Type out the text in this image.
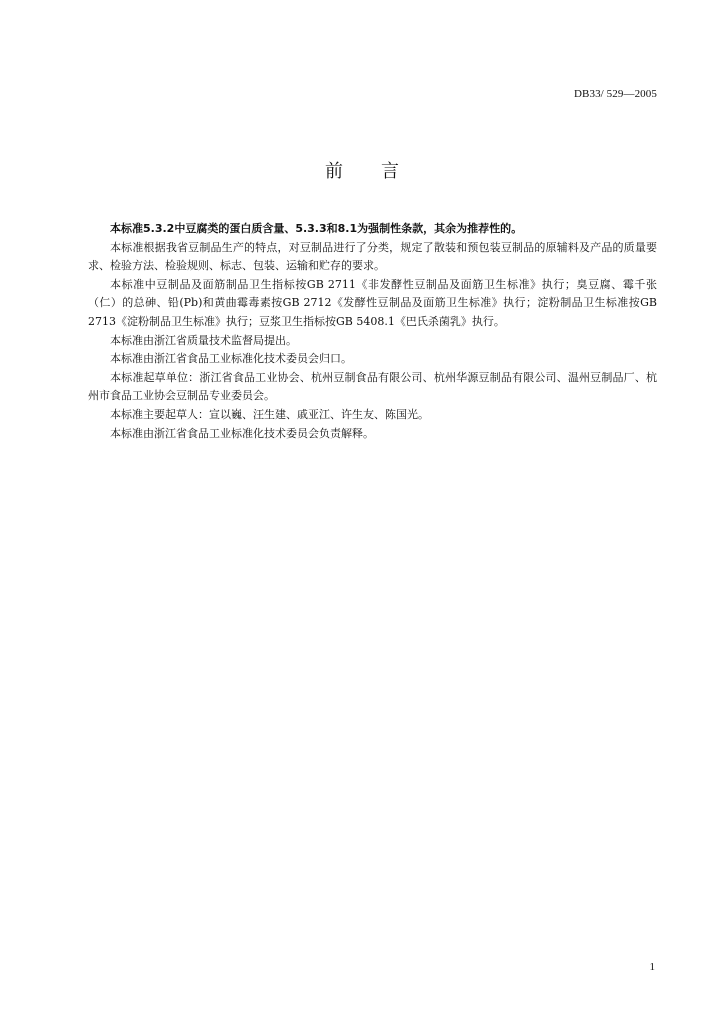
DB33/ 529—2005
前 言

本标准5.3.2中豆腐类的蛋白质含量、5.3.3和8.1为强制性条款，其余为推荐性的。

本标准根据我省豆制品生产的特点，对豆制品进行了分类，规定了散装和预包装豆制品的原辅料及产品的质量要求、检验方法、检验规则、标志、包装、运输和贮存的要求。

本标准中豆制品及面筋制品卫生指标按GB 2711《非发酵性豆制品及面筋卫生标准》执行；臭豆腐、霉千张（仁）的总砷、铅(Pb)和黄曲霉毒素按GB 2712《发酵性豆制品及面筋卫生标准》执行；淀粉制品卫生标准按GB 2713《淀粉制品卫生标准》执行；豆浆卫生指标按GB 5408.1《巴氏杀菌乳》执行。

本标准由浙江省质量技术监督局提出。

本标准由浙江省食品工业标准化技术委员会归口。

本标准起草单位：浙江省食品工业协会、杭州豆制食品有限公司、杭州华源豆制品有限公司、温州豆制品厂、杭州市食品工业协会豆制品专业委员会。

本标准主要起草人：宣以巍、汪生建、戚亚江、许生友、陈国光。

本标准由浙江省食品工业标准化技术委员会负责解释。

1
